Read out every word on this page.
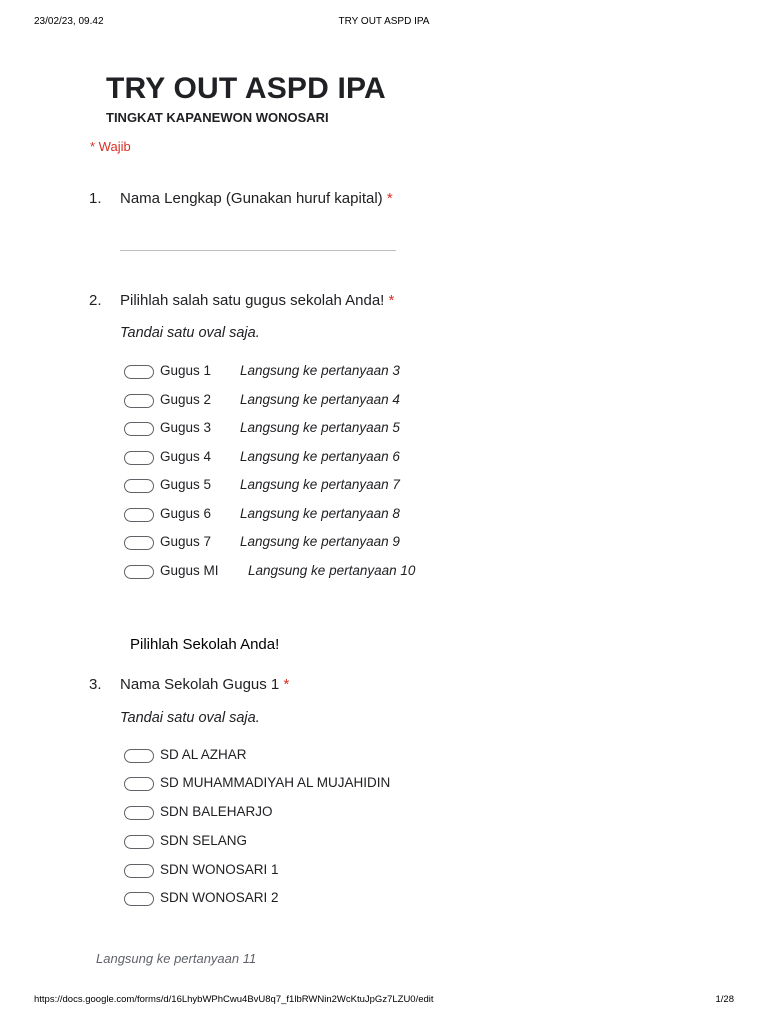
23/02/23, 09.42	TRY OUT ASPD IPA
TRY OUT ASPD IPA
TINGKAT KAPANEWON WONOSARI
* Wajib
1. Nama Lengkap (Gunakan huruf kapital) *
2. Pilihlah salah satu gugus sekolah Anda! *
Tandai satu oval saja.
Gugus 1 Langsung ke pertanyaan 3
Gugus 2 Langsung ke pertanyaan 4
Gugus 3 Langsung ke pertanyaan 5
Gugus 4 Langsung ke pertanyaan 6
Gugus 5 Langsung ke pertanyaan 7
Gugus 6 Langsung ke pertanyaan 8
Gugus 7 Langsung ke pertanyaan 9
Gugus MI Langsung ke pertanyaan 10
Pilihlah Sekolah Anda!
3. Nama Sekolah Gugus 1 *
Tandai satu oval saja.
SD AL AZHAR
SD MUHAMMADIYAH AL MUJAHIDIN
SDN BALEHARJO
SDN SELANG
SDN WONOSARI 1
SDN WONOSARI 2
Langsung ke pertanyaan 11
https://docs.google.com/forms/d/16LhybWPhCwu4BvU8q7_f1lbRWNin2WcKtuJpGz7LZU0/edit	1/28
